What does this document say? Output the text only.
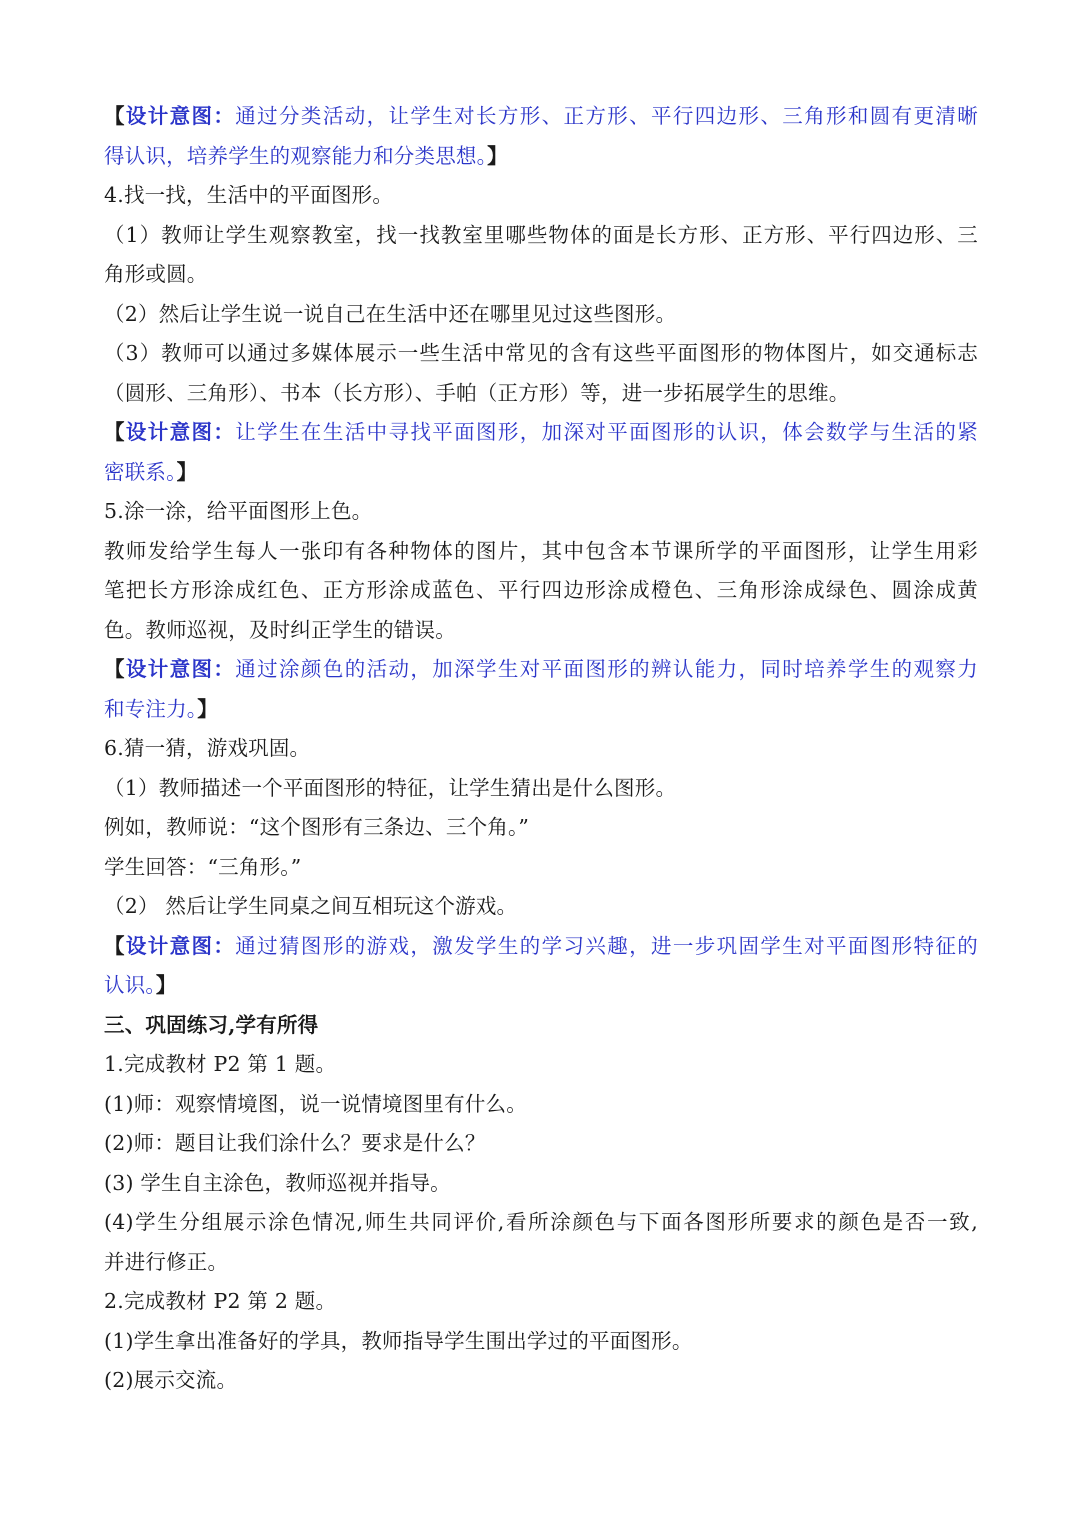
【设计意图：通过分类活动，让学生对长方形、正方形、平行四边形、三角形和圆有更清晰
得认识，培养学生的观察能力和分类思想。】
4.找一找，生活中的平面图形。
（1）教师让学生观察教室，找一找教室里哪些物体的面是长方形、正方形、平行四边形、三
角形或圆。
（2）然后让学生说一说自己在生活中还在哪里见过这些图形。
（3）教师可以通过多媒体展示一些生活中常见的含有这些平面图形的物体图片，如交通标志
（圆形、三角形）、书本（长方形）、手帕（正方形）等，进一步拓展学生的思维。
【设计意图：让学生在生活中寻找平面图形，加深对平面图形的认识，体会数学与生活的紧
密联系。】
5.涂一涂，给平面图形上色。
教师发给学生每人一张印有各种物体的图片，其中包含本节课所学的平面图形，让学生用彩
笔把长方形涂成红色、正方形涂成蓝色、平行四边形涂成橙色、三角形涂成绿色、圆涂成黄
色。教师巡视，及时纠正学生的错误。
【设计意图：通过涂颜色的活动，加深学生对平面图形的辨认能力，同时培养学生的观察力
和专注力。】
6.猜一猜，游戏巩固。
（1）教师描述一个平面图形的特征，让学生猜出是什么图形。
例如，教师说：“这个图形有三条边、三个角。”
学生回答：“三角形。”
（2） 然后让学生同桌之间互相玩这个游戏。
【设计意图：通过猜图形的游戏，激发学生的学习兴趣，进一步巩固学生对平面图形特征的
认识。】
三、巩固练习,学有所得
1.完成教材 P2 第 1 题。
(1)师：观察情境图，说一说情境图里有什么。
(2)师：题目让我们涂什么？要求是什么？
(3) 学生自主涂色，教师巡视并指导。
(4)学生分组展示涂色情况,师生共同评价,看所涂颜色与下面各图形所要求的颜色是否一致,
并进行修正。
2.完成教材 P2 第 2 题。
(1)学生拿出准备好的学具，教师指导学生围出学过的平面图形。
(2)展示交流。
